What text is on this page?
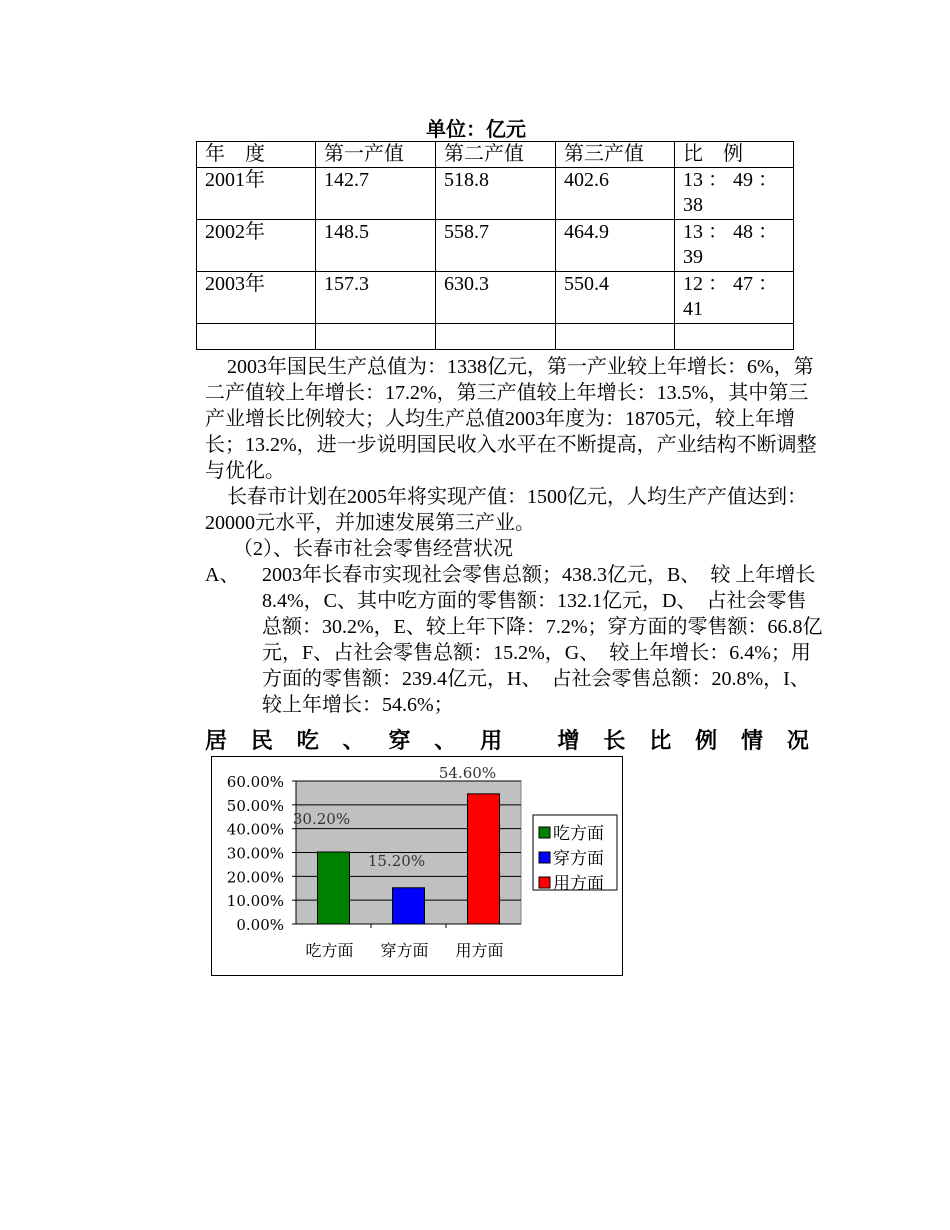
单位：亿元
年　度	第一产值	第二产值	第三产值	比　例
2001年	142.7	518.8	402.6	13 ： 49 ： 38
2002年	148.5	558.7	464.9	13 ： 48 ： 39
2003年	157.3	630.3	550.4	12 ： 47 ： 41

2003年国民生产总值为：1338亿元，第一产业较上年增长：6%，第二产值较上年增长：17.2%，第三产值较上年增长：13.5%，其中第三产业增长比例较大；人均生产总值2003年度为：18705元，较上年增长；13.2%，进一步说明国民收入水平在不断提高，产业结构不断调整与优化。
长春市计划在2005年将实现产值：1500亿元，人均生产产值达到：20000元水平，并加速发展第三产业。
（2）、长春市社会零售经营状况
A、 2003年长春市实现社会零售总额；438.3亿元，B、　较 上年增长8.4%，C、其中吃方面的零售额：132.1亿元，D、　占社会零售总额：30.2%，E、较上年下降：7.2%；穿方面的零售额：66.8亿元，F、占社会零售总额：15.2%，G、　较上年增长：6.4%；用方面的零售额：239.4亿元，H、　占社会零售总额：20.8%，I、　较上年增长：54.6%；
居 民 吃 、 穿 、 用
	增 长 比 例 情 况
0.00%
10.00%
20.00%
30.00%
40.00%
50.00%
60.00%
30.20%
吃方面
15.20%
穿方面
54.60%
用方面
吃方面
穿方面
用方面
